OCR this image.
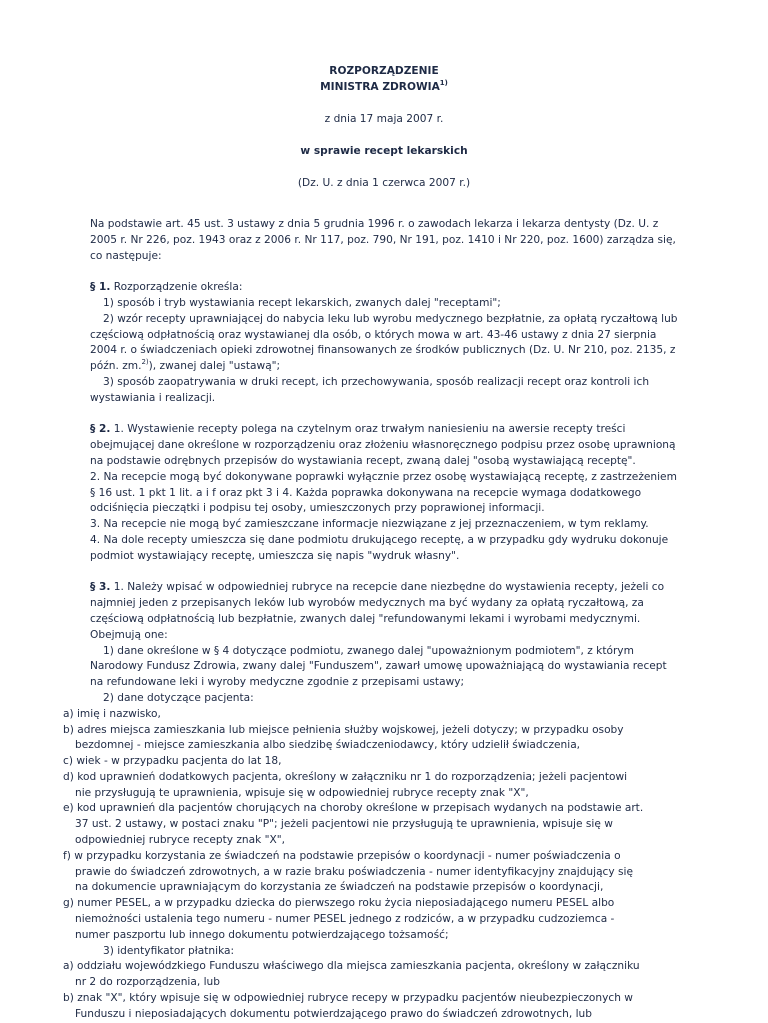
ROZPORZĄDZENIE

MINISTRA ZDROWIA$^{1)}$

z dnia 17 maja 2007 r.

w sprawie recept lekarskich

(Dz. U. z dnia 1 czerwca 2007 r.)

Na podstawie art. 45 ust. 3 ustawy z dnia 5 grudnia 1996 r. o zawodach lekarza i lekarza dentysty (Dz. U. z 2005 r. Nr 226, poz. 1943 oraz z 2006 r. Nr 117, poz. 790, Nr 191, poz. 1410 i Nr 220, poz. 1600) zarządza się, co następuje:

§ 1. Rozporządzenie określa:

1) sposób i tryb wystawiania recept lekarskich, zwanych dalej "receptami";

2) wzór recepty uprawniającej do nabycia leku lub wyrobu medycznego bezpłatnie, za opłatą ryczałtową lub częściową odpłatnością oraz wystawianej dla osób, o których mowa w art. 43-46 ustawy z dnia 27 sierpnia 2004 r. o świadczeniach opieki zdrowotnej finansowanych ze środków publicznych (Dz. U. Nr 210, poz. 2135, z późn. zm.$^{2)}$), zwanej dalej "ustawą";

3) sposób zaopatrywania w druki recept, ich przechowywania, sposób realizacji recept oraz kontroli ich wystawiania i realizacji.

§ 2. 1. Wystawienie recepty polega na czytelnym oraz trwałym naniesieniu na awersie recepty treści obejmującej dane określone w rozporządzeniu oraz złożeniu własnoręcznego podpisu przez osobę uprawnioną na podstawie odrębnych przepisów do wystawiania recept, zwaną dalej "osobą wystawiającą receptę".

2. Na recepcie mogą być dokonywane poprawki wyłącznie przez osobę wystawiającą receptę, z zastrzeżeniem § 16 ust. 1 pkt 1 lit. a i f oraz pkt 3 i 4. Każda poprawka dokonywana na recepcie wymaga dodatkowego odciśnięcia pieczątki i podpisu tej osoby, umieszczonych przy poprawionej informacji.

3. Na recepcie nie mogą być zamieszczane informacje niezwiązane z jej przeznaczeniem, w tym reklamy.

4. Na dole recepty umieszcza się dane podmiotu drukującego receptę, a w przypadku gdy wydruku dokonuje podmiot wystawiający receptę, umieszcza się napis "wydruk własny".

§ 3. 1. Należy wpisać w odpowiedniej rubryce na recepcie dane niezbędne do wystawienia recepty, jeżeli co najmniej jeden z przepisanych leków lub wyrobów medycznych ma być wydany za opłatą ryczałtową, za częściową odpłatnością lub bezpłatnie, zwanych dalej "refundowanymi lekami i wyrobami medycznymi. Obejmują one:

1) dane określone w § 4 dotyczące podmiotu, zwanego dalej "upoważnionym podmiotem", z którym Narodowy Fundusz Zdrowia, zwany dalej "Funduszem", zawarł umowę upoważniającą do wystawiania recept na refundowane leki i wyroby medyczne zgodnie z przepisami ustawy;

2) dane dotyczące pacjenta:

a) imię i nazwisko,

b) adres miejsca zamieszkania lub miejsce pełnienia służby wojskowej, jeżeli dotyczy; w przypadku osoby bezdomnej - miejsce zamieszkania albo siedzibę świadczeniodawcy, który udzielił świadczenia,

c) wiek - w przypadku pacjenta do lat 18,

d) kod uprawnień dodatkowych pacjenta, określony w załączniku nr 1 do rozporządzenia; jeżeli pacjentowi nie przysługują te uprawnienia, wpisuje się w odpowiedniej rubryce recepty znak "X",

e) kod uprawnień dla pacjentów chorujących na choroby określone w przepisach wydanych na podstawie art. 37 ust. 2 ustawy, w postaci znaku "P"; jeżeli pacjentowi nie przysługują te uprawnienia, wpisuje się w odpowiedniej rubryce recepty znak "X",

f) w przypadku korzystania ze świadczeń na podstawie przepisów o koordynacji - numer poświadczenia o prawie do świadczeń zdrowotnych, a w razie braku poświadczenia - numer identyfikacyjny znajdujący się na dokumencie uprawniającym do korzystania ze świadczeń na podstawie przepisów o koordynacji,

g) numer PESEL, a w przypadku dziecka do pierwszego roku życia nieposiadającego numeru PESEL albo niemożności ustalenia tego numeru - numer PESEL jednego z rodziców, a w przypadku cudzoziemca - numer paszportu lub innego dokumentu potwierdzającego tożsamość;

3) identyfikator płatnika:

a) oddziału wojewódzkiego Funduszu właściwego dla miejsca zamieszkania pacjenta, określony w załączniku nr 2 do rozporządzenia, lub

b) znak "X", który wpisuje się w odpowiedniej rubryce recepy w przypadku pacjentów nieubezpieczonych w Funduszu i nieposiadających dokumentu potwierdzającego prawo do świadczeń zdrowotnych, lub
